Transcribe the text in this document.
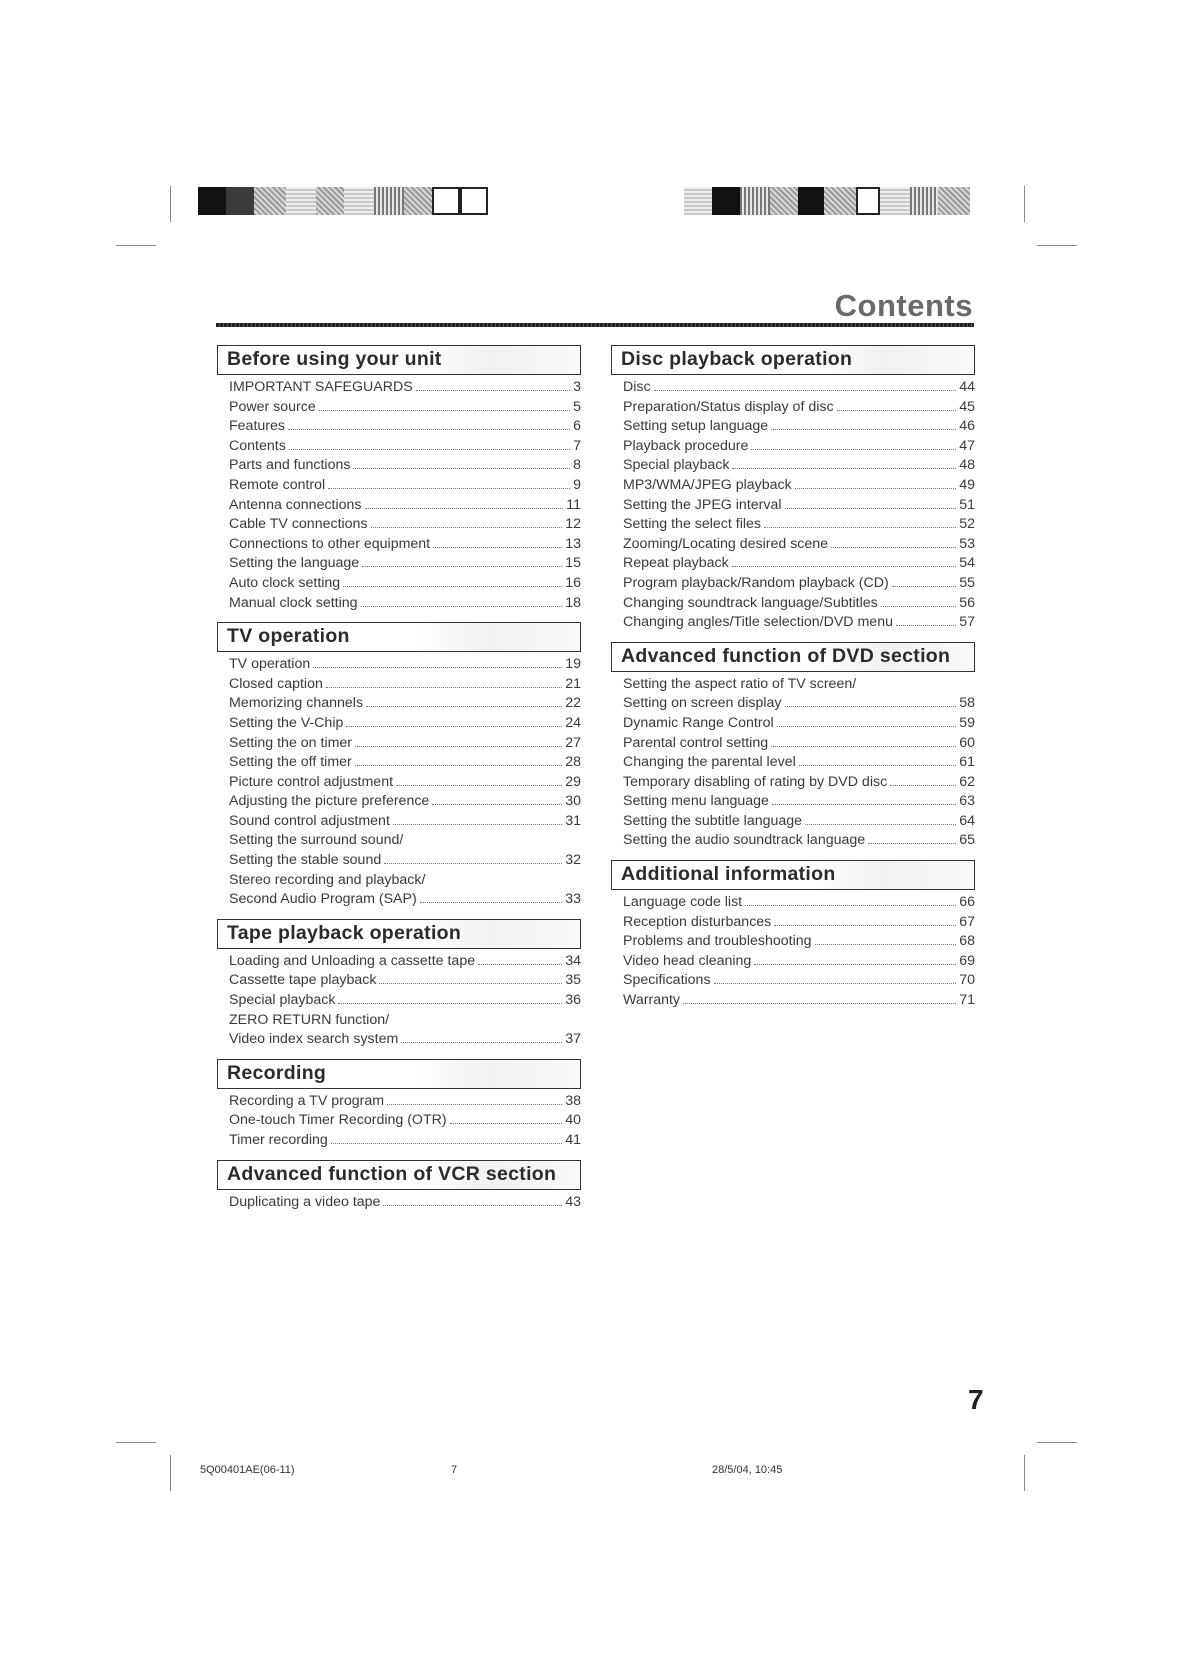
Contents
Before using your unit
IMPORTANT SAFEGUARDS	3
Power source	5
Features	6
Contents	7
Parts and functions	8
Remote control	9
Antenna connections	11
Cable TV connections	12
Connections to other equipment	13
Setting the language	15
Auto clock setting	16
Manual clock setting	18
TV operation
TV operation	19
Closed caption	21
Memorizing channels	22
Setting the V-Chip	24
Setting the on timer	27
Setting the off timer	28
Picture control adjustment	29
Adjusting the picture preference	30
Sound control adjustment	31
Setting the surround sound/
Setting the stable sound	32
Stereo recording and playback/
Second Audio Program (SAP)	33
Tape playback operation
Loading and Unloading a cassette tape	34
Cassette tape playback	35
Special playback	36
ZERO RETURN function/
Video index search system	37
Recording
Recording a TV program	38
One-touch Timer Recording (OTR)	40
Timer recording	41
Advanced function of VCR section
Duplicating a video tape	43
Disc playback operation
Disc	44
Preparation/Status display of disc	45
Setting setup language	46
Playback procedure	47
Special playback	48
MP3/WMA/JPEG playback	49
Setting the JPEG interval	51
Setting the select files	52
Zooming/Locating desired scene	53
Repeat playback	54
Program playback/Random playback (CD)	55
Changing soundtrack language/Subtitles	56
Changing angles/Title selection/DVD menu	57
Advanced function of DVD section
Setting the aspect ratio of TV screen/
Setting on screen display	58
Dynamic Range Control	59
Parental control setting	60
Changing the parental level	61
Temporary disabling of rating by DVD disc	62
Setting menu language	63
Setting the subtitle language	64
Setting the audio soundtrack language	65
Additional information
Language code list	66
Reception disturbances	67
Problems and troubleshooting	68
Video head cleaning	69
Specifications	70
Warranty	71
7
5Q00401AE(06-11)	7	28/5/04, 10:45
